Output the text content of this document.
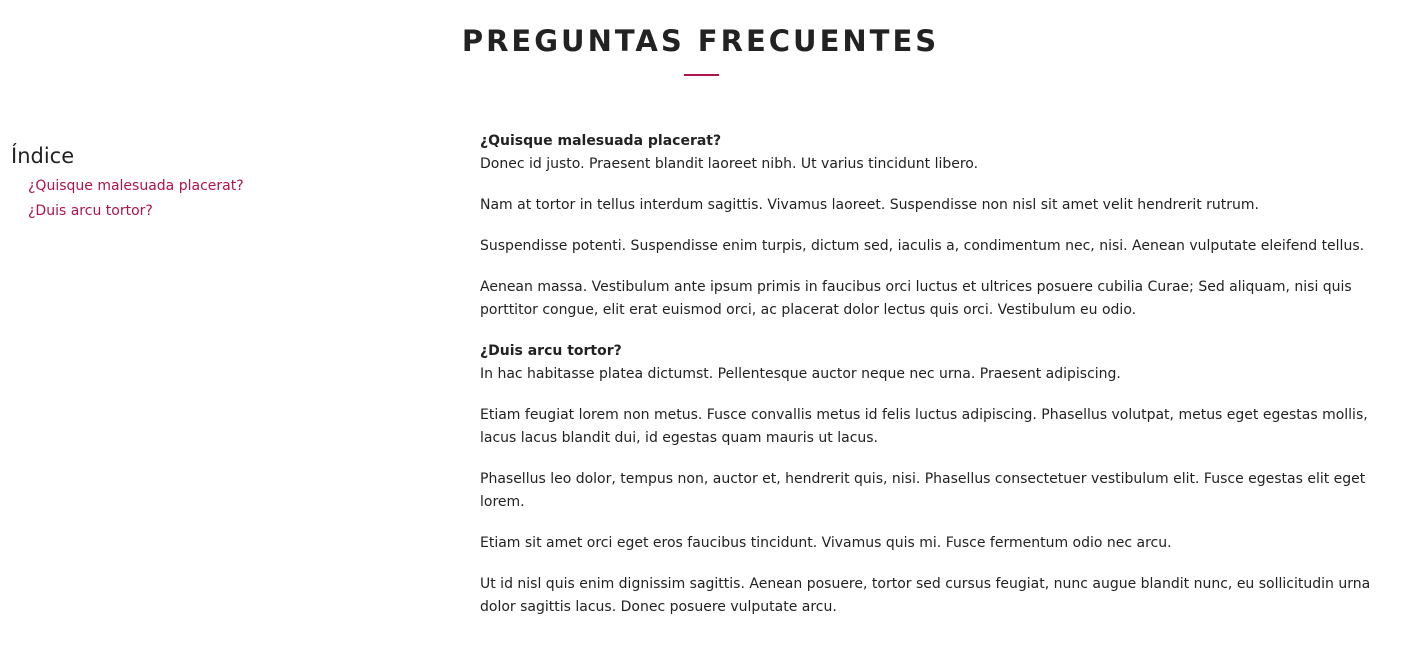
PREGUNTAS FRECUENTES
Índice
¿Quisque malesuada placerat?
¿Duis arcu tortor?

¿Quisque malesuada placerat?
Donec id justo. Praesent blandit laoreet nibh. Ut varius tincidunt libero.

Nam at tortor in tellus interdum sagittis. Vivamus laoreet. Suspendisse non nisl sit amet velit hendrerit rutrum.

Suspendisse potenti. Suspendisse enim turpis, dictum sed, iaculis a, condimentum nec, nisi. Aenean vulputate eleifend tellus.

Aenean massa. Vestibulum ante ipsum primis in faucibus orci luctus et ultrices posuere cubilia Curae; Sed aliquam, nisi quis porttitor congue, elit erat euismod orci, ac placerat dolor lectus quis orci. Vestibulum eu odio.

¿Duis arcu tortor?
In hac habitasse platea dictumst. Pellentesque auctor neque nec urna. Praesent adipiscing.

Etiam feugiat lorem non metus. Fusce convallis metus id felis luctus adipiscing. Phasellus volutpat, metus eget egestas mollis, lacus lacus blandit dui, id egestas quam mauris ut lacus.

Phasellus leo dolor, tempus non, auctor et, hendrerit quis, nisi. Phasellus consectetuer vestibulum elit. Fusce egestas elit eget lorem.

Etiam sit amet orci eget eros faucibus tincidunt. Vivamus quis mi. Fusce fermentum odio nec arcu.

Ut id nisl quis enim dignissim sagittis. Aenean posuere, tortor sed cursus feugiat, nunc augue blandit nunc, eu sollicitudin urna dolor sagittis lacus. Donec posuere vulputate arcu.
